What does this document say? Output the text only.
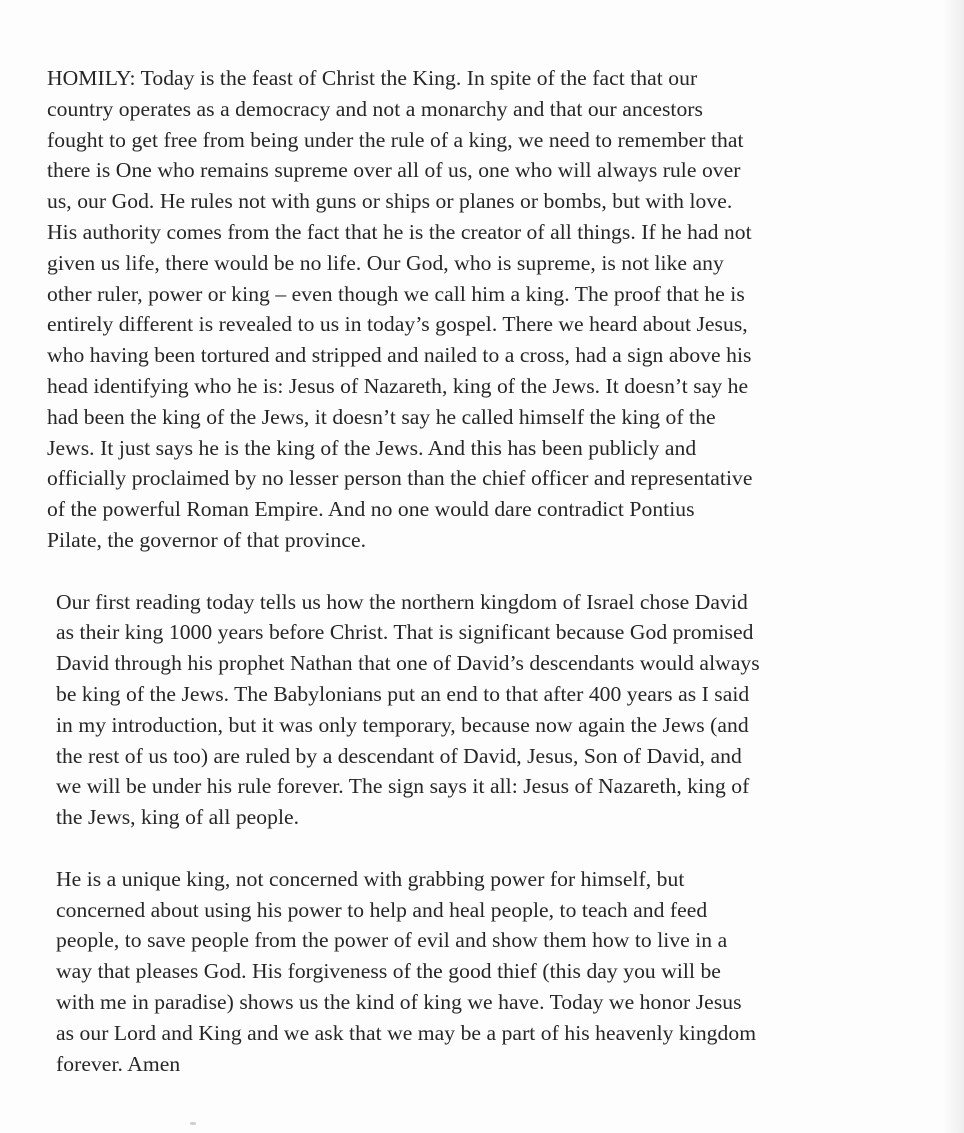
HOMILY: Today is the feast of Christ the King. In spite of the fact that our
country operates as a democracy and not a monarchy and that our ancestors
fought to get free from being under the rule of a king, we need to remember that
there is One who remains supreme over all of us, one who will always rule over
us, our God. He rules not with guns or ships or planes or bombs, but with love.
His authority comes from the fact that he is the creator of all things. If he had not
given us life, there would be no life. Our God, who is supreme, is not like any
other ruler, power or king – even though we call him a king. The proof that he is
entirely different is revealed to us in today’s gospel. There we heard about Jesus,
who having been tortured and stripped and nailed to a cross, had a sign above his
head identifying who he is: Jesus of Nazareth, king of the Jews. It doesn’t say he
had been the king of the Jews, it doesn’t say he called himself the king of the
Jews. It just says he is the king of the Jews. And this has been publicly and
officially proclaimed by no lesser person than the chief officer and representative
of the powerful Roman Empire. And no one would dare contradict Pontius
Pilate, the governor of that province.

Our first reading today tells us how the northern kingdom of Israel chose David
as their king 1000 years before Christ. That is significant because God promised
David through his prophet Nathan that one of David’s descendants would always
be king of the Jews. The Babylonians put an end to that after 400 years as I said
in my introduction, but it was only temporary, because now again the Jews (and
the rest of us too) are ruled by a descendant of David, Jesus, Son of David, and
we will be under his rule forever. The sign says it all: Jesus of Nazareth, king of
the Jews, king of all people.

He is a unique king, not concerned with grabbing power for himself, but
concerned about using his power to help and heal people, to teach and feed
people, to save people from the power of evil and show them how to live in a
way that pleases God. His forgiveness of the good thief (this day you will be
with me in paradise) shows us the kind of king we have. Today we honor Jesus
as our Lord and King and we ask that we may be a part of his heavenly kingdom
forever. Amen
